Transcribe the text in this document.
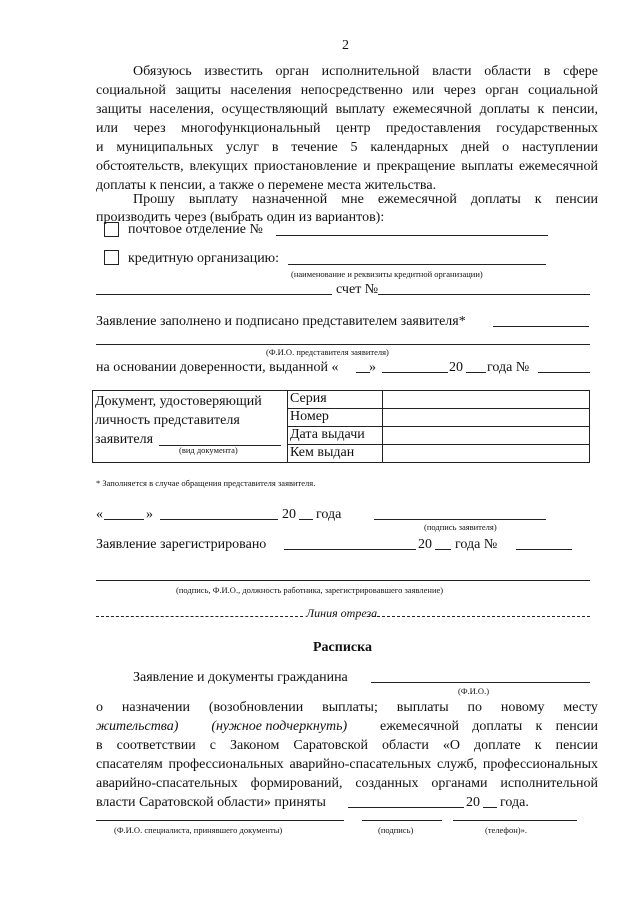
2
Обязуюсь известить орган исполнительной власти области в сфере
социальной защиты населения непосредственно или через орган социальной
защиты населения, осуществляющий выплату ежемесячной доплаты к пенсии,
или через многофункциональный центр предоставления государственных
и муниципальных услуг в течение 5 календарных дней о наступлении
обстоятельств, влекущих приостановление и прекращение выплаты ежемесячной
доплаты к пенсии, а также о перемене места жительства.
Прошу выплату назначенной мне ежемесячной доплаты к пенсии
производить через (выбрать один из вариантов):
почтовое отделение №
кредитную организацию:
(наименование и реквизиты кредитной организации)
счет №
Заявление заполнено и подписано представителем заявителя*
(Ф.И.О. представителя заявителя)
на основании доверенности, выданной « »	20 года №
Документ, удостоверяющий
личность представителя
заявителя
(вид документа)	Серия	
	Номер	
	Дата выдачи	
	Кем выдан	
* Заполняется в случае обращения представителя заявителя.
«	»	20 года
(подпись заявителя)
Заявление зарегистрировано	20 года №
(подпись, Ф.И.О., должность работника, зарегистрировавшего заявление)
Линия отреза
Расписка
Заявление и документы гражданина
(Ф.И.О.)
о назначении (возобновлении выплаты; выплаты по новому месту
жительства) (нужное подчеркнуть) ежемесячной доплаты к пенсии
в соответствии с Законом Саратовской области «О доплате к пенсии
спасателям профессиональных аварийно-спасательных служб, профессиональных
аварийно-спасательных формирований, созданных органами исполнительной
власти Саратовской области» приняты	20 года.
(Ф.И.О. специалиста, принявшего документы)	(подпись)	(телефон)».
